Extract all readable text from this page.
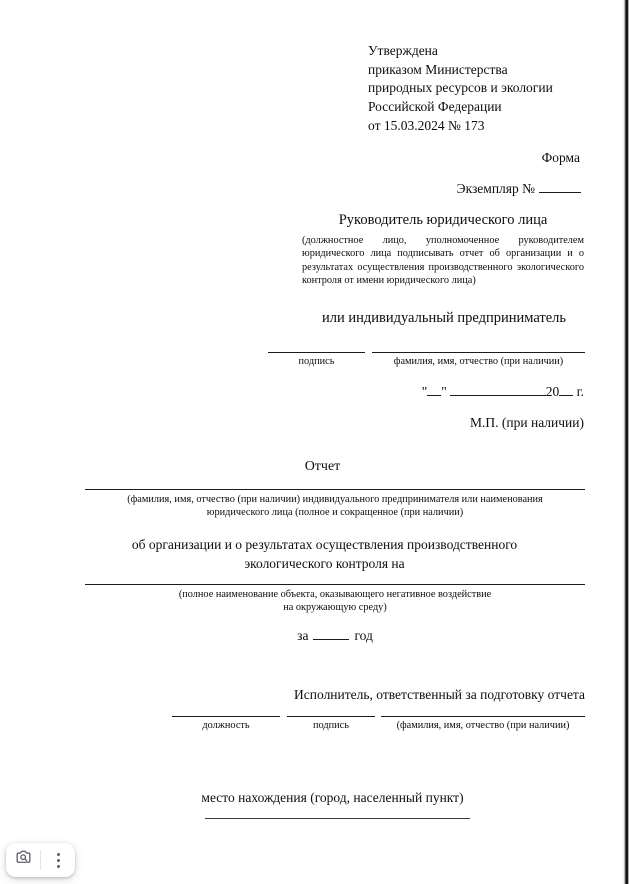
Утверждена
приказом Министерства
природных ресурсов и экологии
Российской Федерации
от 15.03.2024 № 173
Форма
Экземпляр №
Руководитель юридического лица
(должностное лицо, уполномоченное руководителем юридического лица подписывать отчет об организации и о результатах осуществления производственного экологического контроля от имени юридического лица)
или индивидуальный предприниматель
подпись	фамилия, имя, отчество (при наличии)
" "	20 г.
М.П. (при наличии)
Отчет
(фамилия, имя, отчество (при наличии) индивидуального предпринимателя или наименования
юридического лица (полное и сокращенное (при наличии)
об организации и о результатах осуществления производственного
экологического контроля на
(полное наименование объекта, оказывающего негативное воздействие
на окружающую среду)
за	год
Исполнитель, ответственный за подготовку отчета
должность	подпись	(фамилия, имя, отчество (при наличии)
место нахождения (город, населенный пункт)
